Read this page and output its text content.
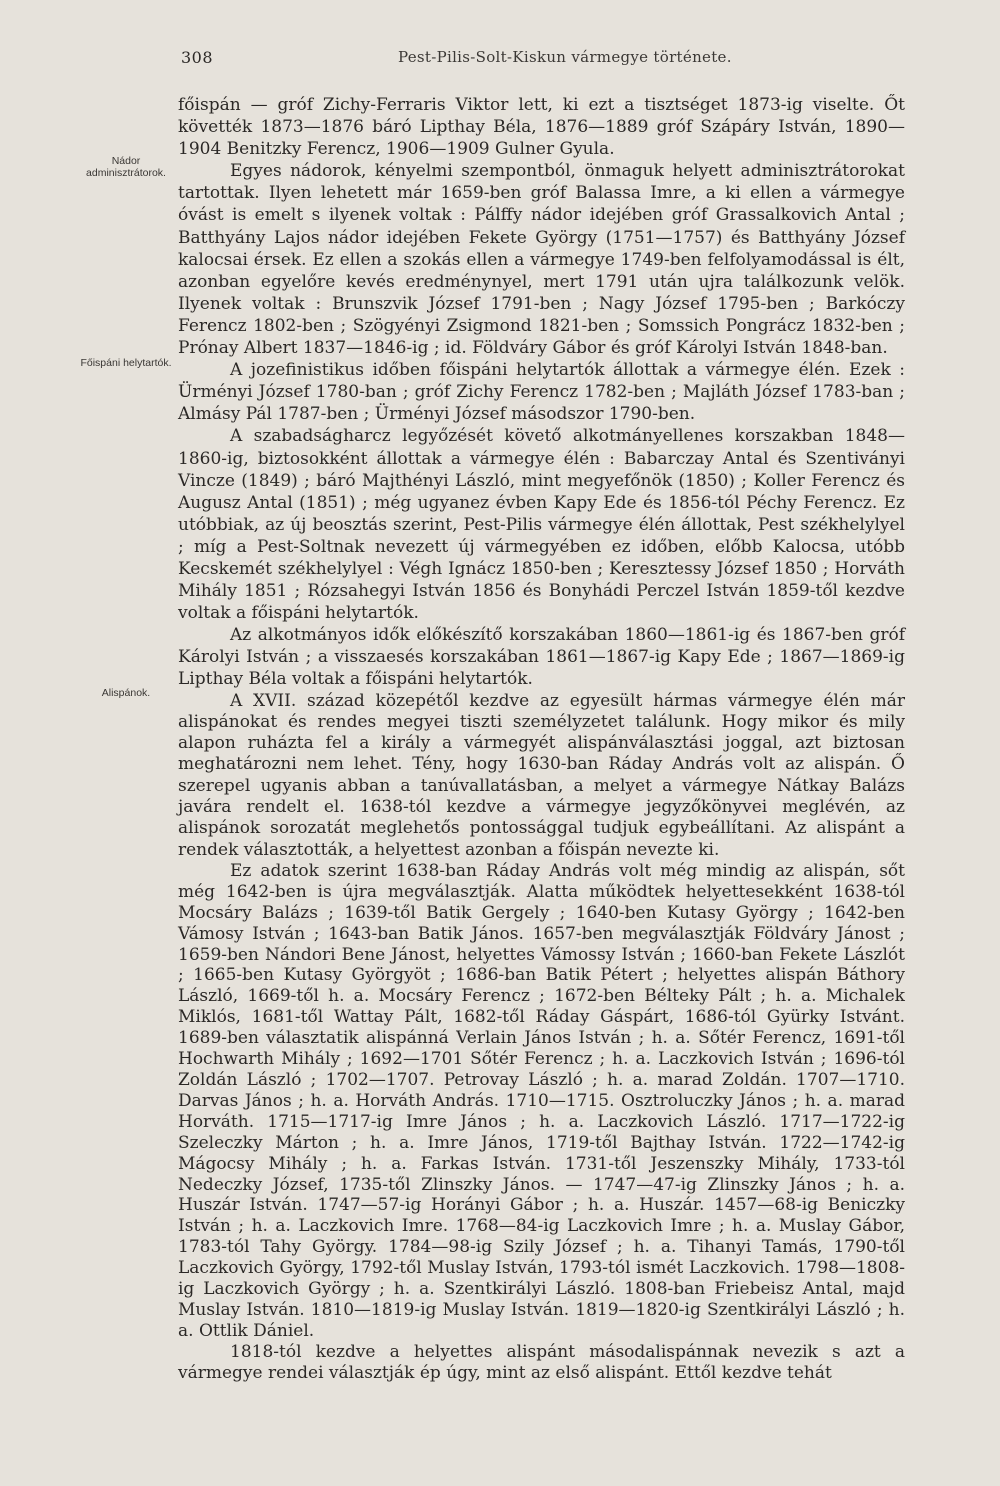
308	Pest-Pilis-Solt-Kiskun vármegye története.
Nádor adminisztrátorok.
Főispáni helytartók.
Alispánok.

főispán — gróf Zichy-Ferraris Viktor lett, ki ezt a tisztséget 1873-ig viselte. Őt követték 1873—1876 báró Lipthay Béla, 1876—1889 gróf Szápáry István, 1890—1904 Benitzky Ferencz, 1906—1909 Gulner Gyula.

Egyes nádorok, kényelmi szempontból, önmaguk helyett adminisztrátorokat tartottak. Ilyen lehetett már 1659-ben gróf Balassa Imre, a ki ellen a vármegye óvást is emelt s ilyenek voltak : Pálffy nádor idejében gróf Grassalkovich Antal ; Batthyány Lajos nádor idejében Fekete György (1751—1757) és Batthyány József kalocsai érsek. Ez ellen a szokás ellen a vármegye 1749-ben felfolyamodással is élt, azonban egyelőre kevés eredménynyel, mert 1791 után ujra találkozunk velök. Ilyenek voltak : Brunszvik József 1791-ben ; Nagy József 1795-ben ; Barkóczy Ferencz 1802-ben ; Szögyényi Zsigmond 1821-ben ; Somssich Pongrácz 1832-ben ; Prónay Albert 1837—1846-ig ; id. Földváry Gábor és gróf Károlyi István 1848-ban.

A jozefinistikus időben főispáni helytartók állottak a vármegye élén. Ezek : Ürményi József 1780-ban ; gróf Zichy Ferencz 1782-ben ; Majláth József 1783-ban ; Almásy Pál 1787-ben ; Ürményi József másodszor 1790-ben.

A szabadságharcz legyőzését követő alkotmányellenes korszakban 1848—1860-ig, biztosokként állottak a vármegye élén : Babarczay Antal és Szentiványi Vincze (1849) ; báró Majthényi László, mint megyefőnök (1850) ; Koller Ferencz és Augusz Antal (1851) ; még ugyanez évben Kapy Ede és 1856-tól Péchy Ferencz. Ez utóbbiak, az új beosztás szerint, Pest-Pilis vármegye élén állottak, Pest székhelylyel ; míg a Pest-Soltnak nevezett új vármegyében ez időben, előbb Kalocsa, utóbb Kecskemét székhelylyel : Végh Ignácz 1850-ben ; Keresztessy József 1850 ; Horváth Mihály 1851 ; Rózsahegyi István 1856 és Bonyhádi Perczel István 1859-től kezdve voltak a főispáni helytartók.

Az alkotmányos idők előkészítő korszakában 1860—1861-ig és 1867-ben gróf Károlyi István ; a visszaesés korszakában 1861—1867-ig Kapy Ede ; 1867—1869-ig Lipthay Béla voltak a főispáni helytartók.

A XVII. század közepétől kezdve az egyesült hármas vármegye élén már alispánokat és rendes megyei tiszti személyzetet találunk. Hogy mikor és mily alapon ruházta fel a király a vármegyét alispánválasztási joggal, azt biztosan meghatározni nem lehet. Tény, hogy 1630-ban Ráday András volt az alispán. Ő szerepel ugyanis abban a tanúvallatásban, a melyet a vármegye Nátkay Balázs javára rendelt el. 1638-tól kezdve a vármegye jegyzőkönyvei meglévén, az alispánok sorozatát meglehetős pontossággal tudjuk egybeállítani. Az alispánt a rendek választották, a helyettest azonban a főispán nevezte ki.

Ez adatok szerint 1638-ban Ráday András volt még mindig az alispán, sőt még 1642-ben is újra megválasztják. Alatta működtek helyettesekként 1638-tól Mocsáry Balázs ; 1639-től Batik Gergely ; 1640-ben Kutasy György ; 1642-ben Vámosy István ; 1643-ban Batik János. 1657-ben megválasztják Földváry Jánost ; 1659-ben Nándori Bene Jánost, helyettes Vámossy István ; 1660-ban Fekete Lászlót ; 1665-ben Kutasy Györgyöt ; 1686-ban Batik Pétert ; helyettes alispán Báthory László, 1669-től h. a. Mocsáry Ferencz ; 1672-ben Bélteky Pált ; h. a. Michalek Miklós, 1681-től Wattay Pált, 1682-től Ráday Gáspárt, 1686-tól Gyürky Istvánt. 1689-ben választatik alispánná Verlain János István ; h. a. Sőtér Ferencz, 1691-től Hochwarth Mihály ; 1692—1701 Sőtér Ferencz ; h. a. Laczkovich István ; 1696-tól Zoldán László ; 1702—1707. Petrovay László ; h. a. marad Zoldán. 1707—1710. Darvas János ; h. a. Horváth András. 1710—1715. Osztroluczky János ; h. a. marad Horváth. 1715—1717-ig Imre János ; h. a. Laczkovich László. 1717—1722-ig Szeleczky Márton ; h. a. Imre János, 1719-től Bajthay István. 1722—1742-ig Mágocsy Mihály ; h. a. Farkas István. 1731-től Jeszenszky Mihály, 1733-tól Nedeczky József, 1735-től Zlinszky János. — 1747—47-ig Zlinszky János ; h. a. Huszár István. 1747—57-ig Horányi Gábor ; h. a. Huszár. 1457—68-ig Beniczky István ; h. a. Laczkovich Imre. 1768—84-ig Laczkovich Imre ; h. a. Muslay Gábor, 1783-tól Tahy György. 1784—98-ig Szily József ; h. a. Tihanyi Tamás, 1790-től Laczkovich György, 1792-től Muslay István, 1793-tól ismét Laczkovich. 1798—1808-ig Laczkovich György ; h. a. Szentkirályi László. 1808-ban Friebeisz Antal, majd Muslay István. 1810—1819-ig Muslay István. 1819—1820-ig Szentkirályi László ; h. a. Ottlik Dániel.

1818-tól kezdve a helyettes alispánt másodalispánnak nevezik s azt a vármegye rendei választják ép úgy, mint az első alispánt. Ettől kezdve tehát
